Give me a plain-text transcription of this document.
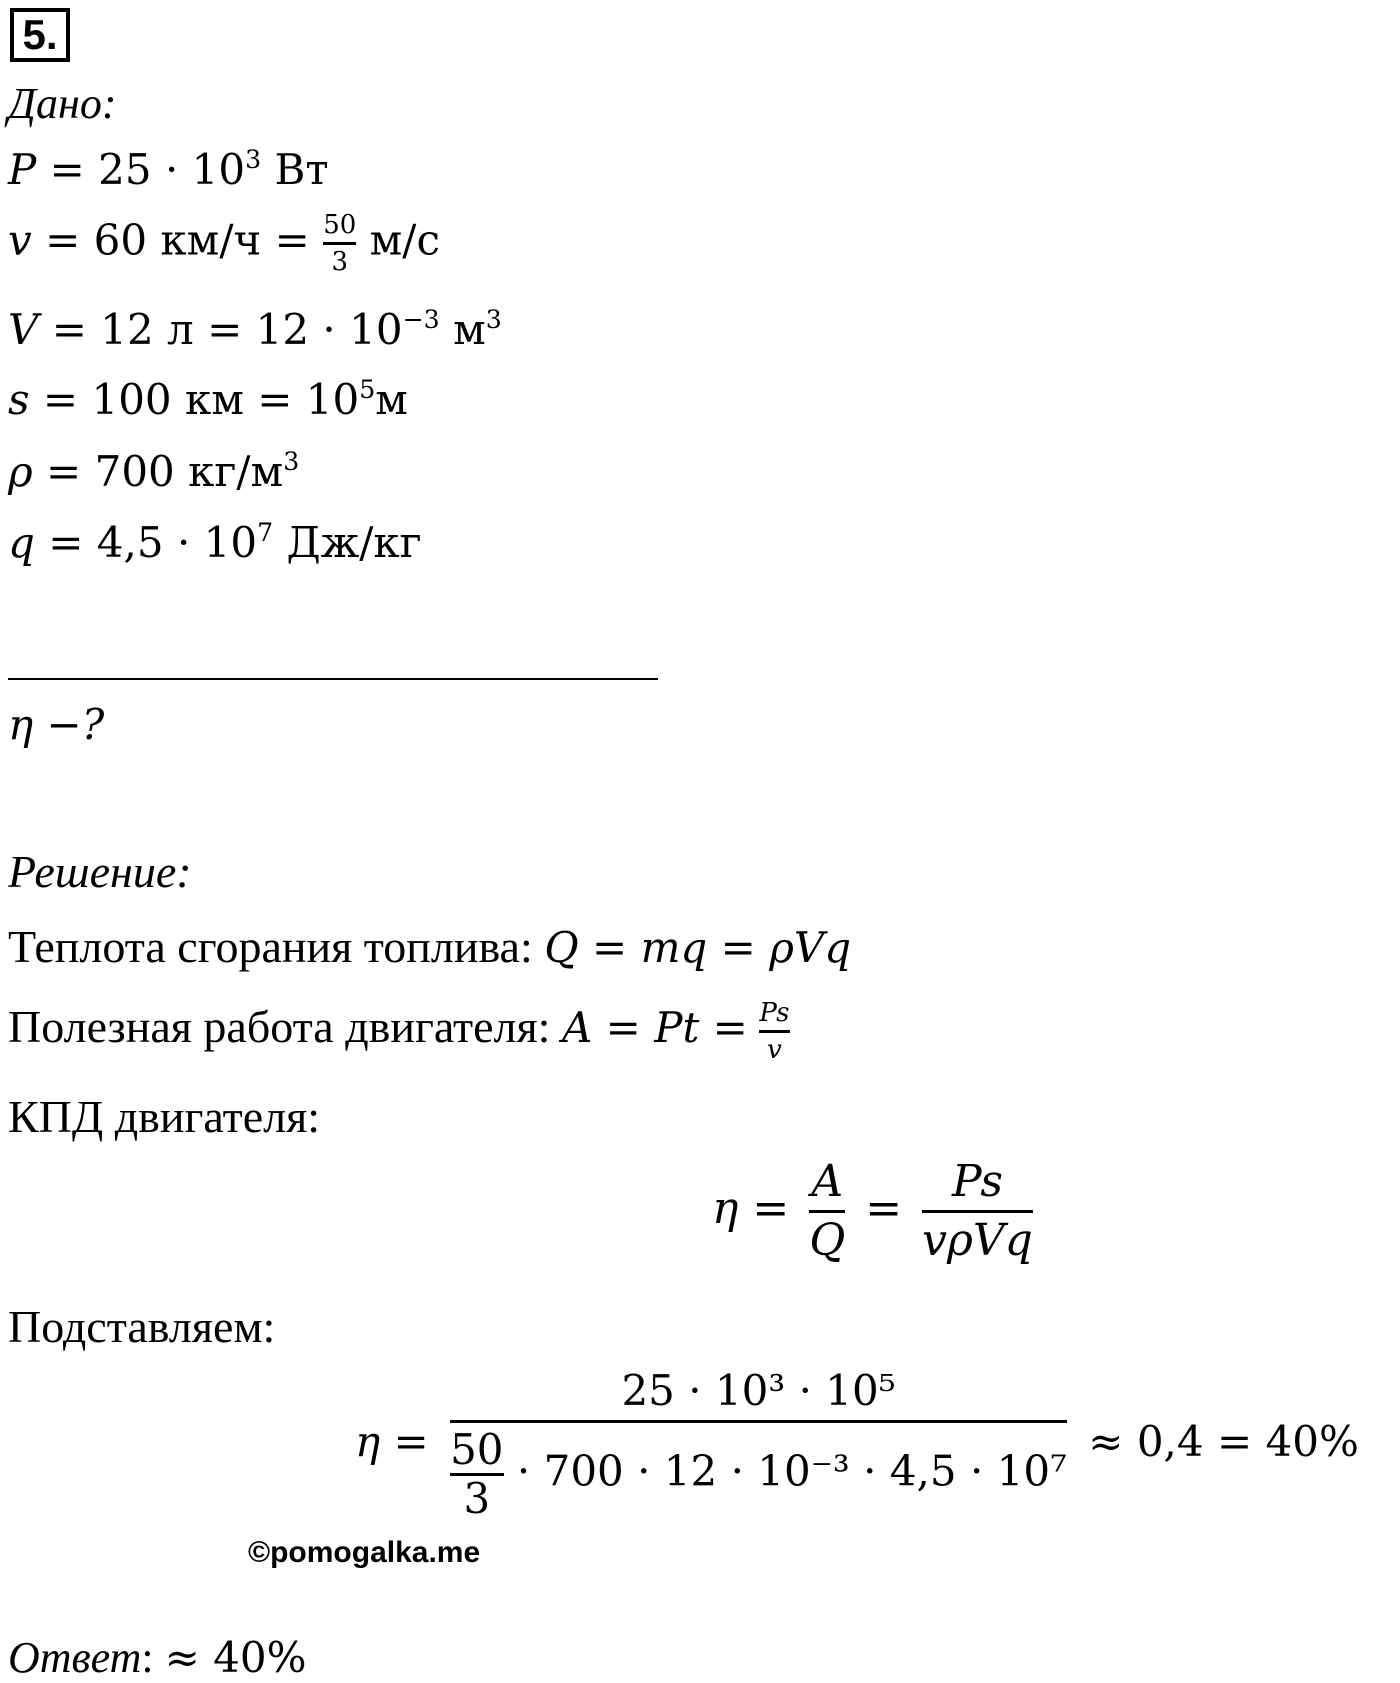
5.
Дано:
$P = 25 \cdot 10^3$ Вт
v = 60 $км/ч = \frac{50}{3} м/с$
V = 12 $л = 12 \cdot 10^{-3}$ $м^3$
s = 100 км = $10^5м$
ρ = 700 $кг/м^3$
$q = 4,5 \cdot 10^7$ Дж/кг
η −?
Решение:
Теплота сгорания топлива: Q = mq = ρVq
Полезная работа двигателя: $A = Pt = \frac{Ps}{v}$
КПД двигателя:
$\eta = \frac{A}{Q} = \frac{Ps}{\text{vρVq}}$
Подставляем:
η =
25 · 10³ · 10⁵
$\frac{50}{3} \cdot 700 \cdot 12 \cdot 10^{-3} \cdot 4,5 \cdot 10^7$
≈ 0,4 = 40%
©pomogalka.me
Ответ: ≈ 40%
